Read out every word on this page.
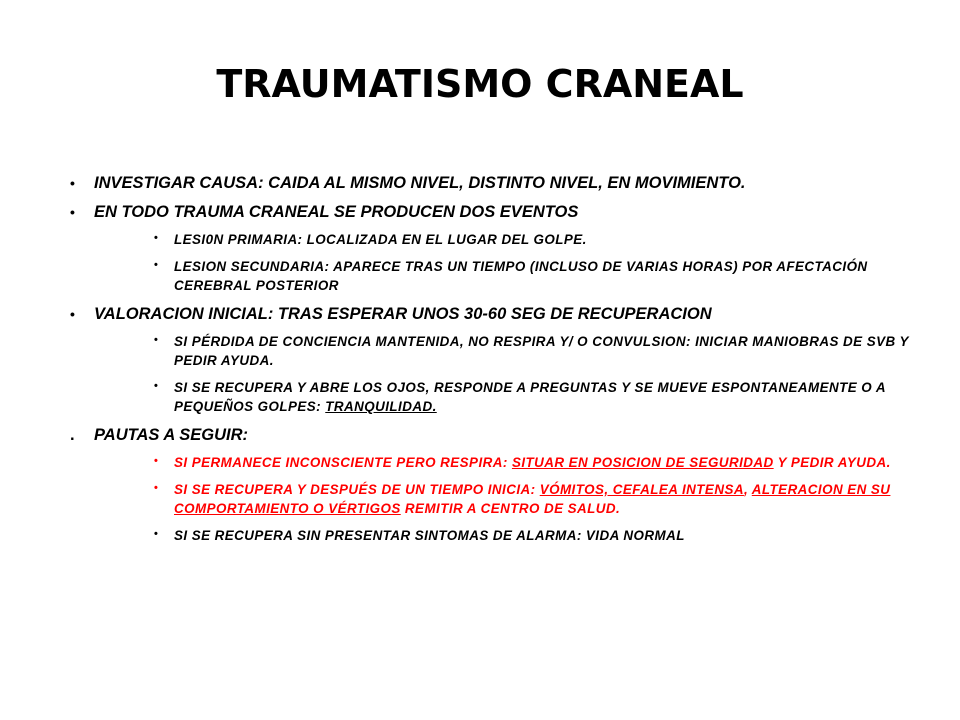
TRAUMATISMO CRANEAL
• INVESTIGAR CAUSA: CAIDA AL MISMO NIVEL, DISTINTO NIVEL, EN MOVIMIENTO.
• EN TODO TRAUMA CRANEAL SE PRODUCEN DOS EVENTOS
• LESI0N PRIMARIA: LOCALIZADA EN EL LUGAR DEL GOLPE.
• LESION SECUNDARIA: APARECE TRAS UN TIEMPO (INCLUSO DE VARIAS HORAS) POR AFECTACIÓN CEREBRAL POSTERIOR
• VALORACION INICIAL: TRAS ESPERAR UNOS 30-60 SEG DE RECUPERACION
• SI PÉRDIDA DE CONCIENCIA MANTENIDA, NO RESPIRA Y/ O CONVULSION: INICIAR MANIOBRAS DE SVB Y PEDIR AYUDA.
• SI SE RECUPERA Y ABRE LOS OJOS, RESPONDE A PREGUNTAS Y SE MUEVE ESPONTANEAMENTE O A PEQUEÑOS GOLPES: TRANQUILIDAD.
. PAUTAS A SEGUIR:
• SI PERMANECE INCONSCIENTE PERO RESPIRA: SITUAR EN POSICION DE SEGURIDAD Y PEDIR AYUDA.
• SI SE RECUPERA Y DESPUÉS DE UN TIEMPO INICIA: VÓMITOS, CEFALEA INTENSA, ALTERACION EN SU COMPORTAMIENTO O VÉRTIGOS REMITIR A CENTRO DE SALUD.
• SI SE RECUPERA SIN PRESENTAR SINTOMAS DE ALARMA: VIDA NORMAL
